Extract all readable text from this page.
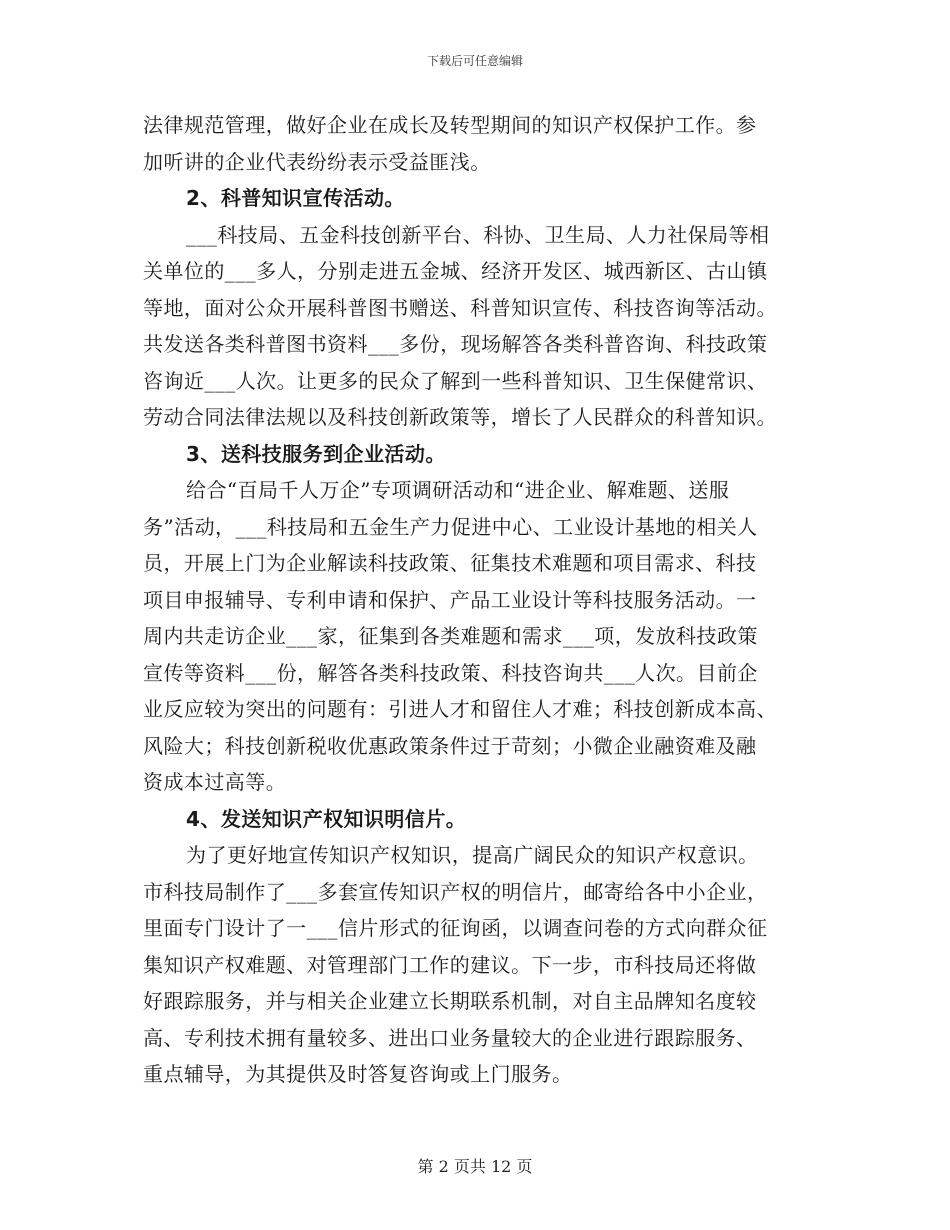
下载后可任意编辑
法律规范管理，做好企业在成长及转型期间的知识产权保护工作。参
加听讲的企业代表纷纷表示受益匪浅。
2、科普知识宣传活动。
___科技局、五金科技创新平台、科协、卫生局、人力社保局等相
关单位的___多人，分别走进五金城、经济开发区、城西新区、古山镇
等地，面对公众开展科普图书赠送、科普知识宣传、科技咨询等活动。
共发送各类科普图书资料___多份，现场解答各类科普咨询、科技政策
咨询近___人次。让更多的民众了解到一些科普知识、卫生保健常识、
劳动合同法律法规以及科技创新政策等，增长了人民群众的科普知识。
3、送科技服务到企业活动。
给合“百局千人万企”专项调研活动和“进企业、解难题、送服
务”活动，___科技局和五金生产力促进中心、工业设计基地的相关人
员，开展上门为企业解读科技政策、征集技术难题和项目需求、科技
项目申报辅导、专利申请和保护、产品工业设计等科技服务活动。一
周内共走访企业___家，征集到各类难题和需求___项，发放科技政策
宣传等资料___份，解答各类科技政策、科技咨询共___人次。目前企
业反应较为突出的问题有：引进人才和留住人才难；科技创新成本高、
风险大；科技创新税收优惠政策条件过于苛刻；小微企业融资难及融
资成本过高等。
4、发送知识产权知识明信片。
为了更好地宣传知识产权知识，提高广阔民众的知识产权意识。
市科技局制作了___多套宣传知识产权的明信片，邮寄给各中小企业，
里面专门设计了一___信片形式的征询函，以调查问卷的方式向群众征
集知识产权难题、对管理部门工作的建议。下一步，市科技局还将做
好跟踪服务，并与相关企业建立长期联系机制，对自主品牌知名度较
高、专利技术拥有量较多、进出口业务量较大的企业进行跟踪服务、
重点辅导，为其提供及时答复咨询或上门服务。
第 2 页共 12 页
